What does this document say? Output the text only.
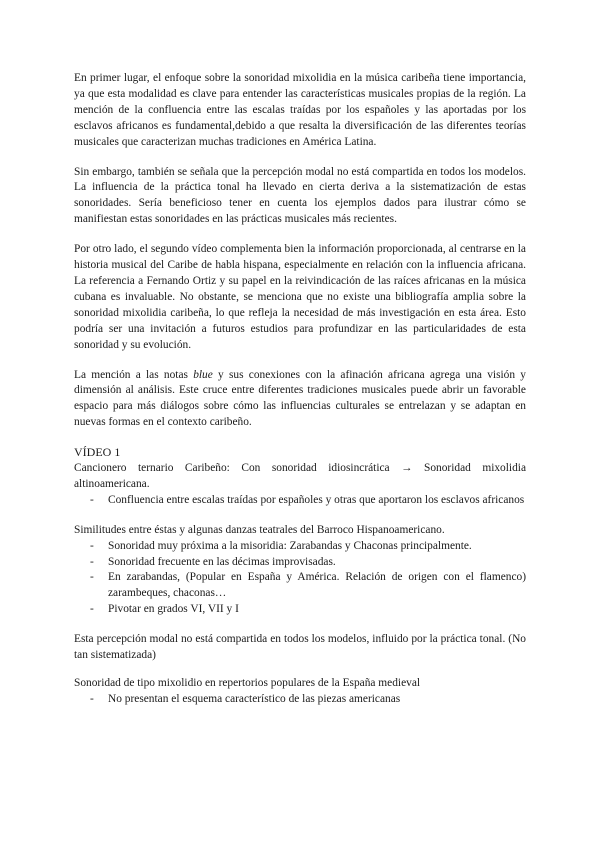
En primer lugar, el enfoque sobre la sonoridad mixolidia en la música caribeña tiene importancia, ya que esta modalidad es clave para entender las características musicales propias de la región. La mención de la confluencia entre las escalas traídas por los españoles y las aportadas por los esclavos africanos es fundamental,debido a que resalta la diversificación de las diferentes teorías musicales que caracterizan muchas tradiciones en América Latina.

Sin embargo, también se señala que la percepción modal no está compartida en todos los modelos. La influencia de la práctica tonal ha llevado en cierta deriva a la sistematización de estas sonoridades. Sería beneficioso tener en cuenta los ejemplos dados para ilustrar cómo se manifiestan estas sonoridades en las prácticas musicales más recientes.

Por otro lado, el segundo vídeo complementa bien la información proporcionada, al centrarse en la historia musical del Caribe de habla hispana, especialmente en relación con la influencia africana. La referencia a Fernando Ortiz y su papel en la reivindicación de las raíces africanas en la música cubana es invaluable. No obstante, se menciona que no existe una bibliografía amplia sobre la sonoridad mixolidia caribeña, lo que refleja la necesidad de más investigación en esta área. Esto podría ser una invitación a futuros estudios para profundizar en las particularidades de esta sonoridad y su evolución.

La mención a las notas blue y sus conexiones con la afinación africana agrega una visión y dimensión al análisis. Este cruce entre diferentes tradiciones musicales puede abrir un favorable espacio para más diálogos sobre cómo las influencias culturales se entrelazan y se adaptan en nuevas formas en el contexto caribeño.

VÍDEO 1

Cancionero ternario Caribeño: Con sonoridad idiosincrática → Sonoridad mixolidia altinoamericana.

- Confluencia entre escalas traídas por españoles y otras que aportaron los esclavos africanos

Similitudes entre éstas y algunas danzas teatrales del Barroco Hispanoamericano.

- Sonoridad muy próxima a la misoridia: Zarabandas y Chaconas principalmente.
- Sonoridad frecuente en las décimas improvisadas.
- En zarabandas, (Popular en España y América. Relación de origen con el flamenco) zarambeques, chaconas…
- Pivotar en grados VI, VII y I

Esta percepción modal no está compartida en todos los modelos, influido por la práctica tonal. (No tan sistematizada)

Sonoridad de tipo mixolidio en repertorios populares de la España medieval

- No presentan el esquema característico de las piezas americanas
